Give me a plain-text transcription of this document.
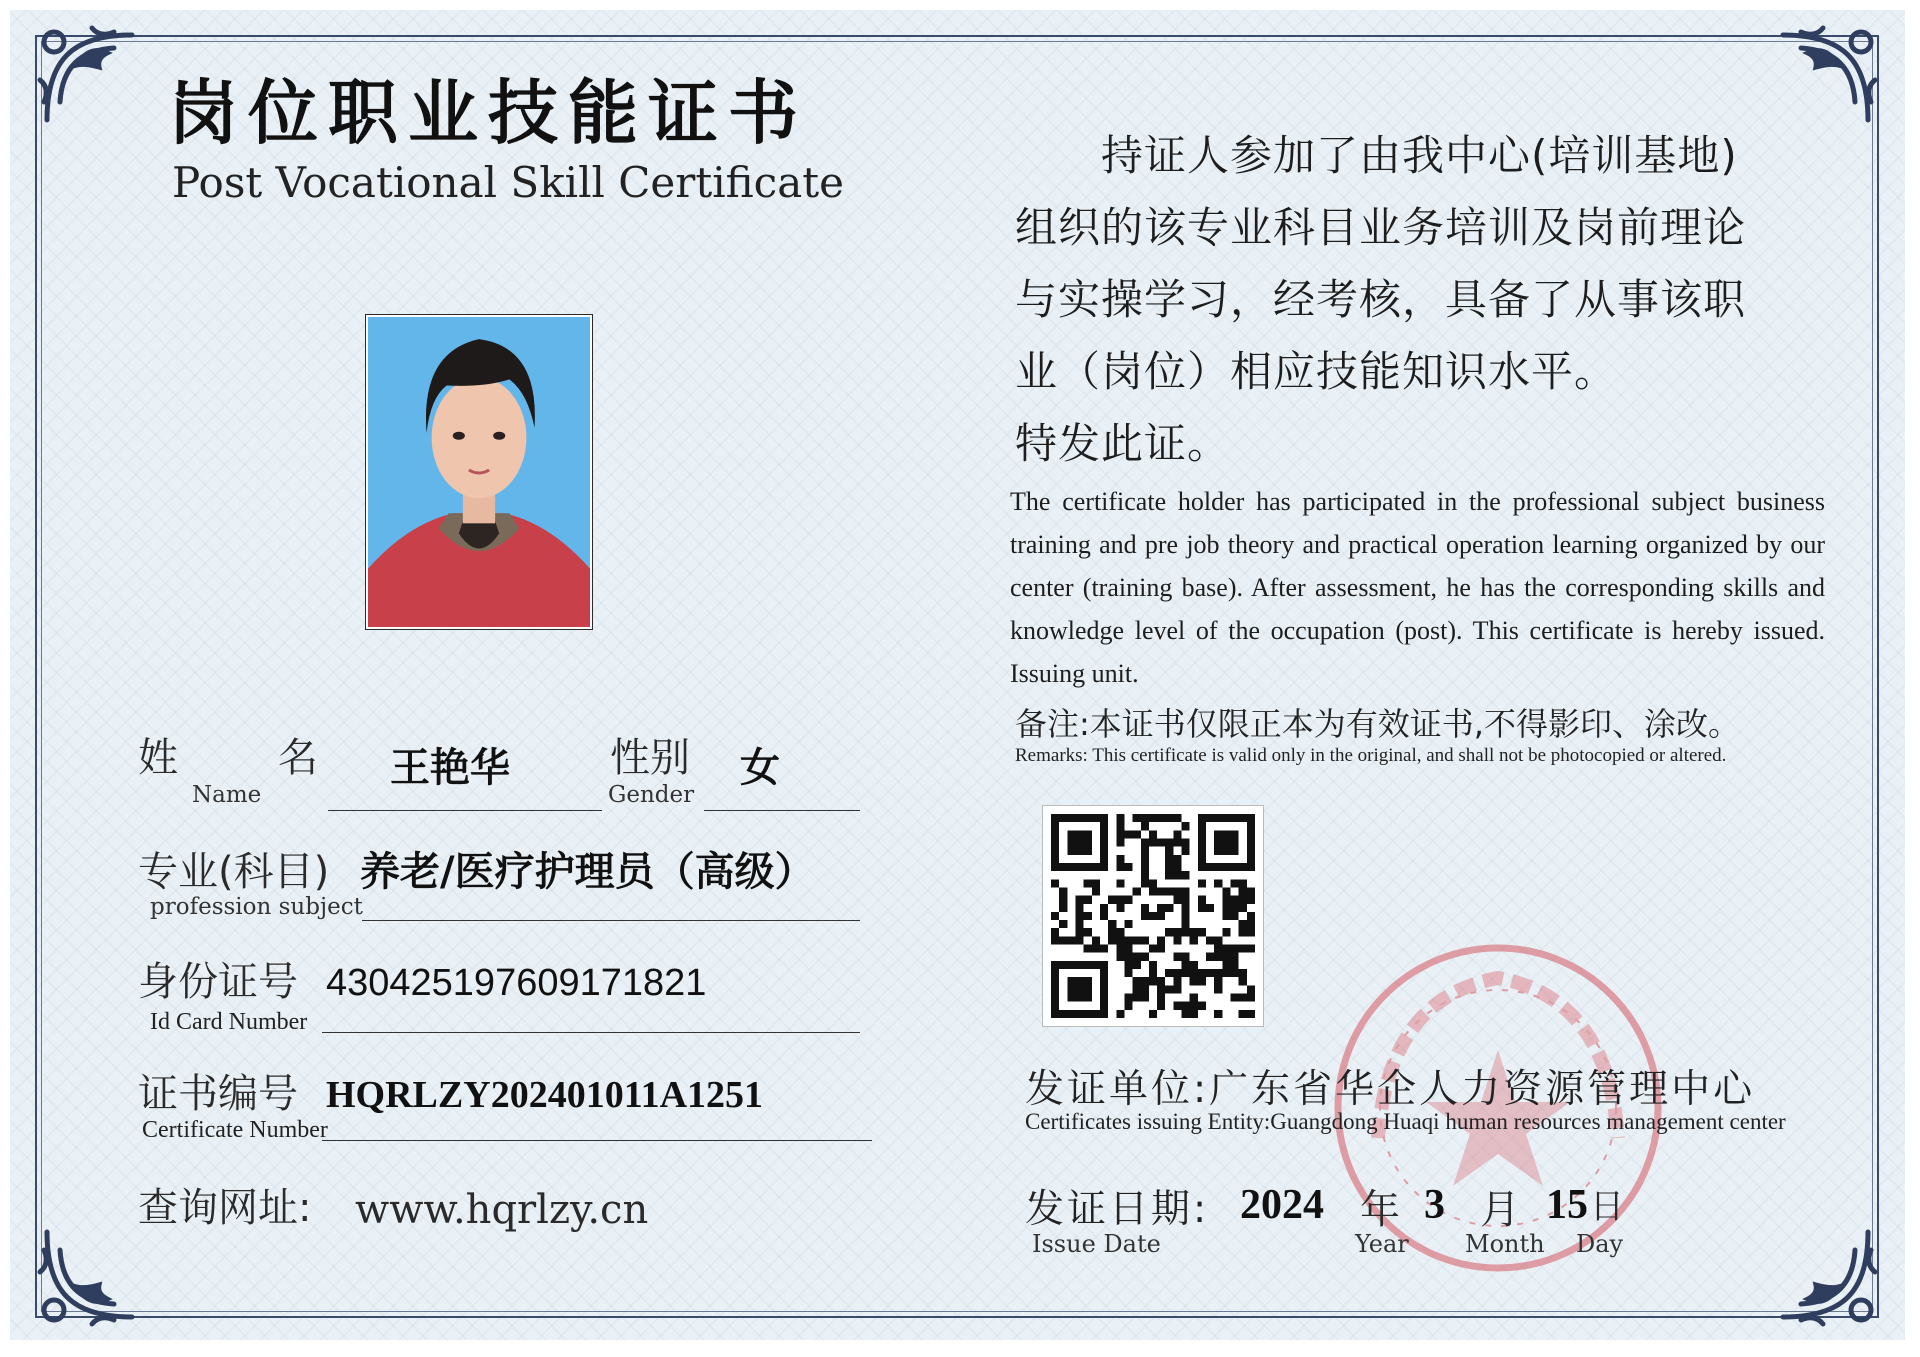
岗位职业技能证书
Post Vocational Skill Certificate
姓	名
Name
王艳华	性别
Gender
女
专业(科目) 养老/医疗护理员（高级）
profession subject
身份证号 430425197609171821
Id Card Number
证书编号 HQRLZY202401011A1251
Certificate Number
查询网址: www.hqrlzy.cn

持证人参加了由我中心(培训基地)

组织的该专业科目业务培训及岗前理论

与实操学习，经考核，具备了从事该职

业（岗位）相应技能知识水平。

特发此证。

The certificate holder has participated in the professional subject business training and pre job theory and practical operation learning organized by our center (training base). After assessment, he has the corresponding skills and knowledge level of the occupation (post). This certificate is hereby issued. Issuing unit.
备注:本证书仅限正本为有效证书,不得影印、涂改。
Remarks: This certificate is valid only in the original, and shall not be photocopied or altered.
发证单位:广东省华企人力资源管理中心
Certificates issuing Entity:Guangdong Huaqi human resources management center
发证日期:
Issue Date
2024 年
Year
3 月
Month
15 日
Day
